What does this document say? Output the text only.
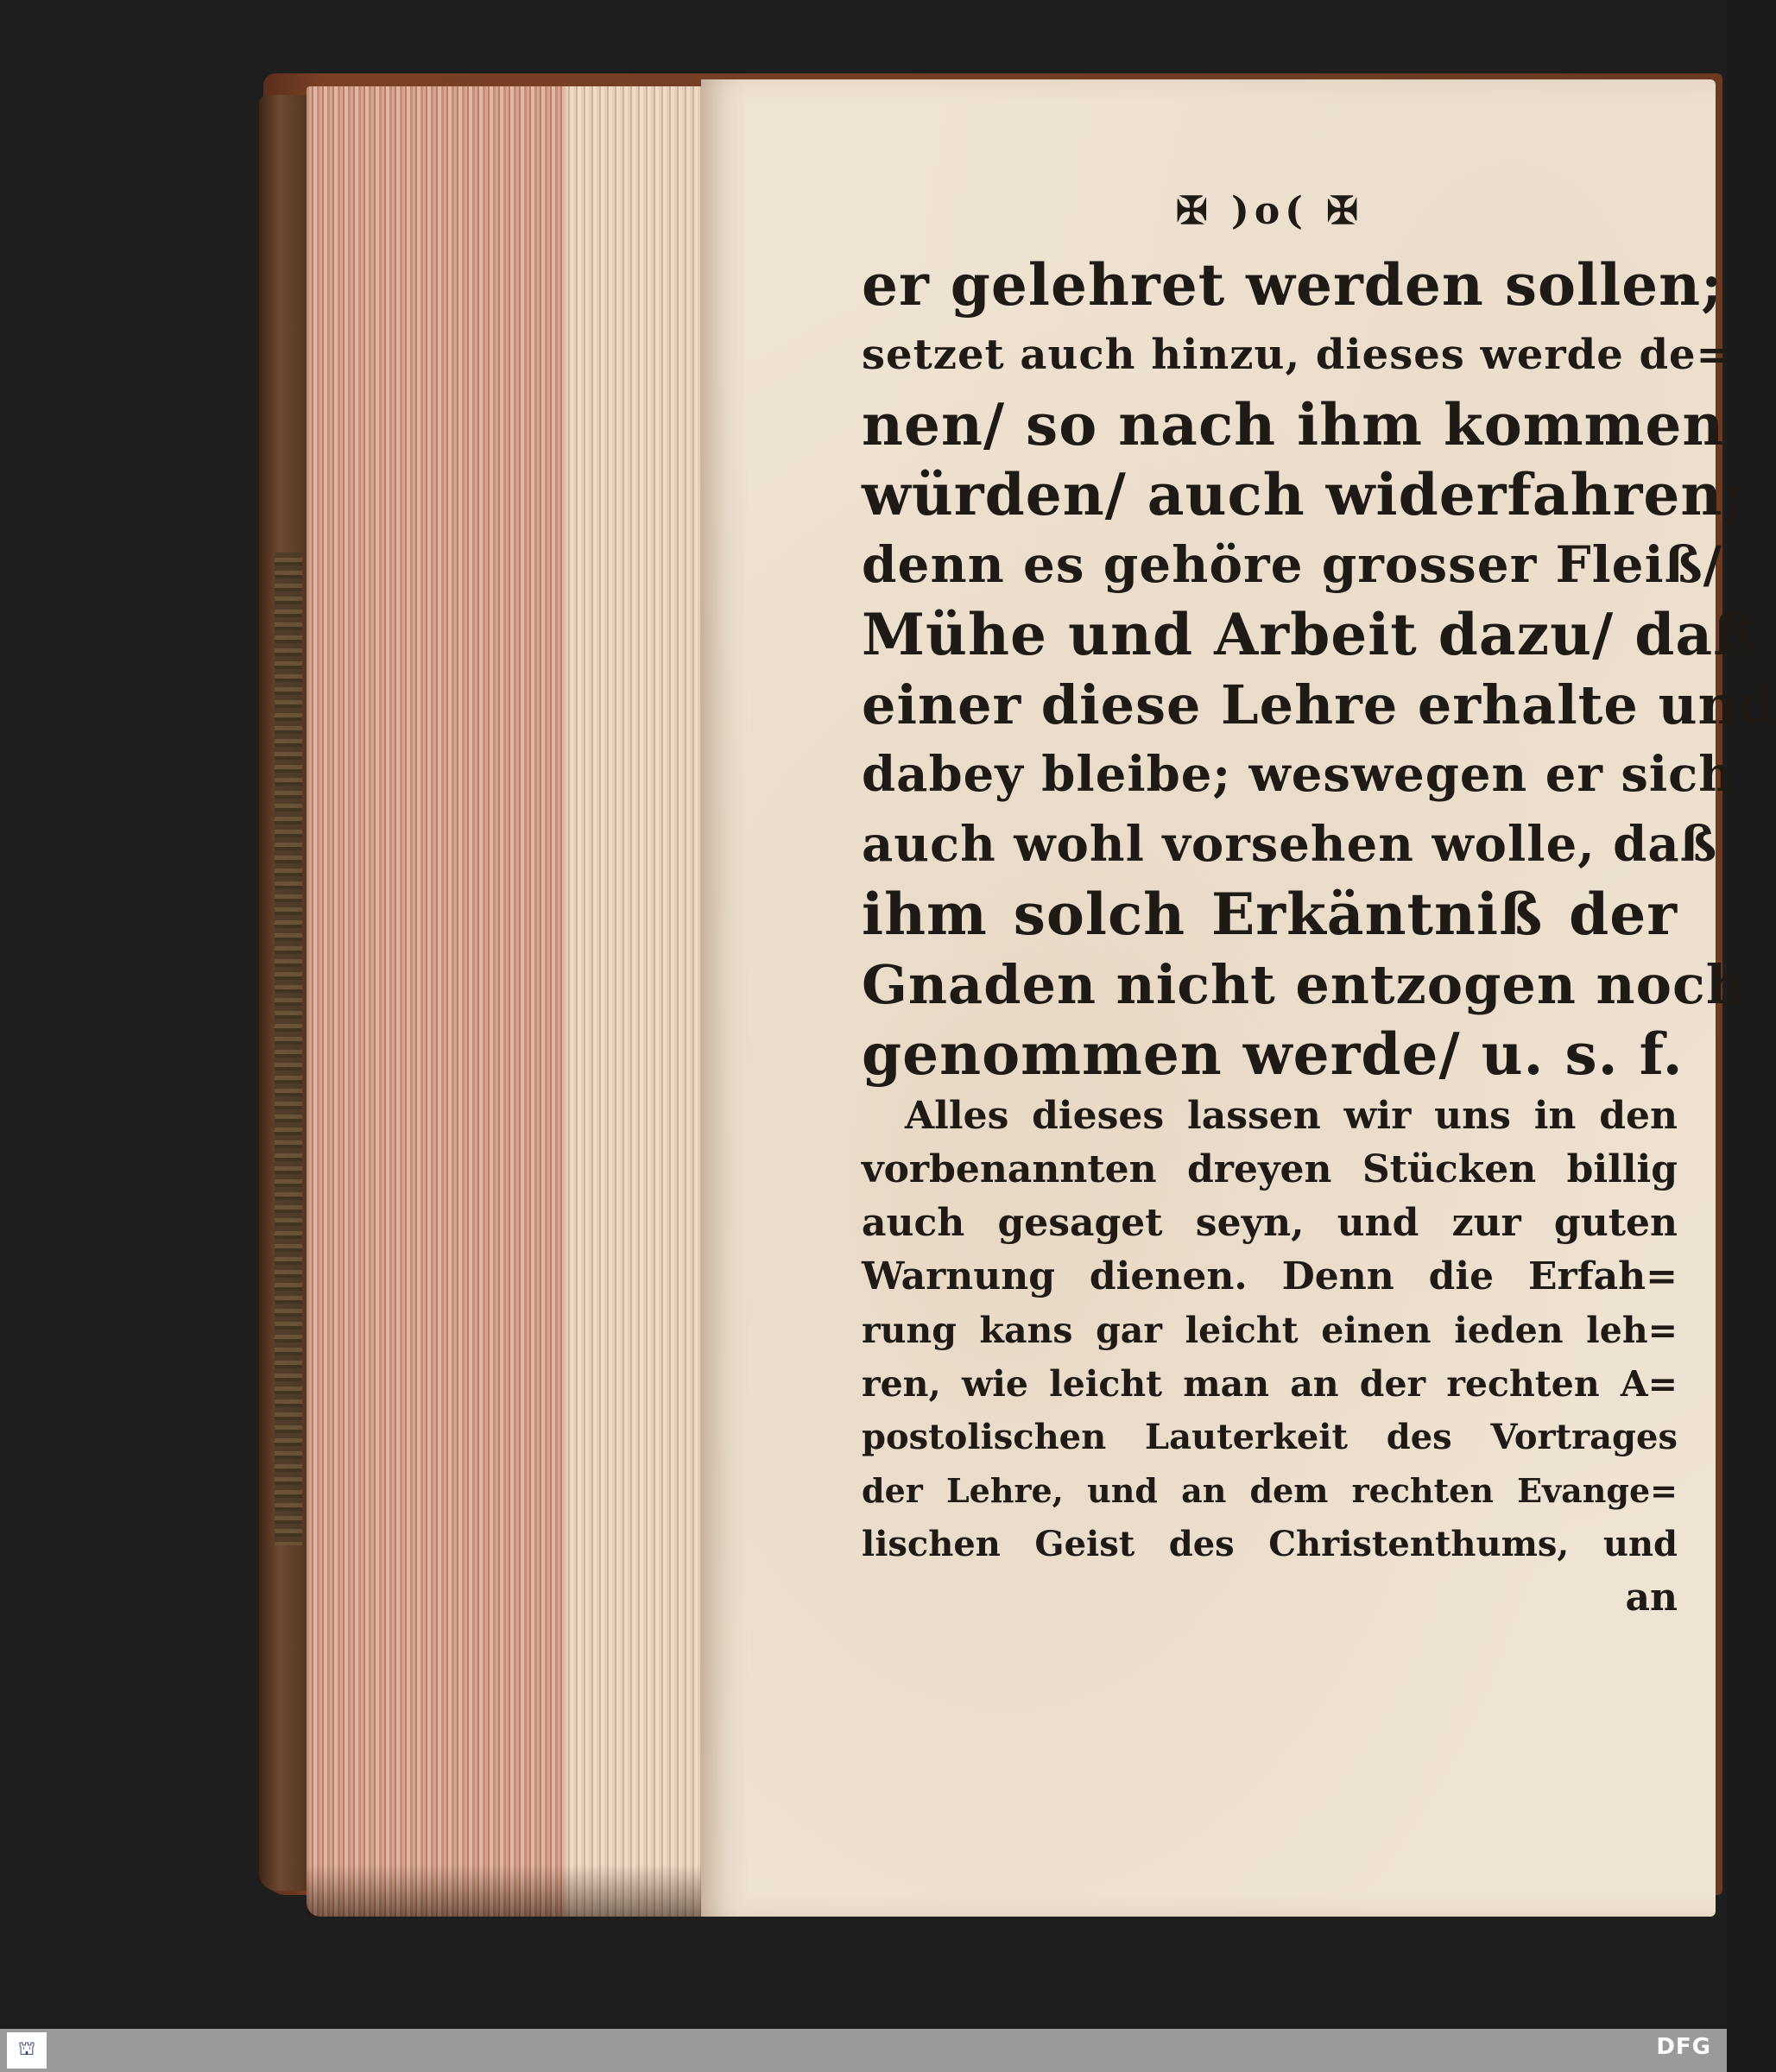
✠ )o( ✠
er gelehret werden sollen;
setzet auch hinzu, dieses werde de=
nen/ so nach ihm kommen
würden/ auch widerfahren;
denn es gehöre grosser Fleiß/
Mühe und Arbeit dazu/ daß
einer diese Lehre erhalte und
dabey bleibe; weswegen er sich
auch wohl vorsehen wolle, daß
ihm solch Erkäntniß der
Gnaden nicht entzogen noch
genommen werde/ u. s. f.
Alles dieses lassen wir uns in den
vorbenannten dreyen Stücken billig
auch gesaget seyn, und zur guten
Warnung dienen. Denn die Erfah=
rung kans gar leicht einen ieden leh=
ren, wie leicht man an der rechten A=
postolischen Lauterkeit des Vortrages
der Lehre, und an dem rechten Evange=
lischen Geist des Christenthums, und
an
⛫	DFG
